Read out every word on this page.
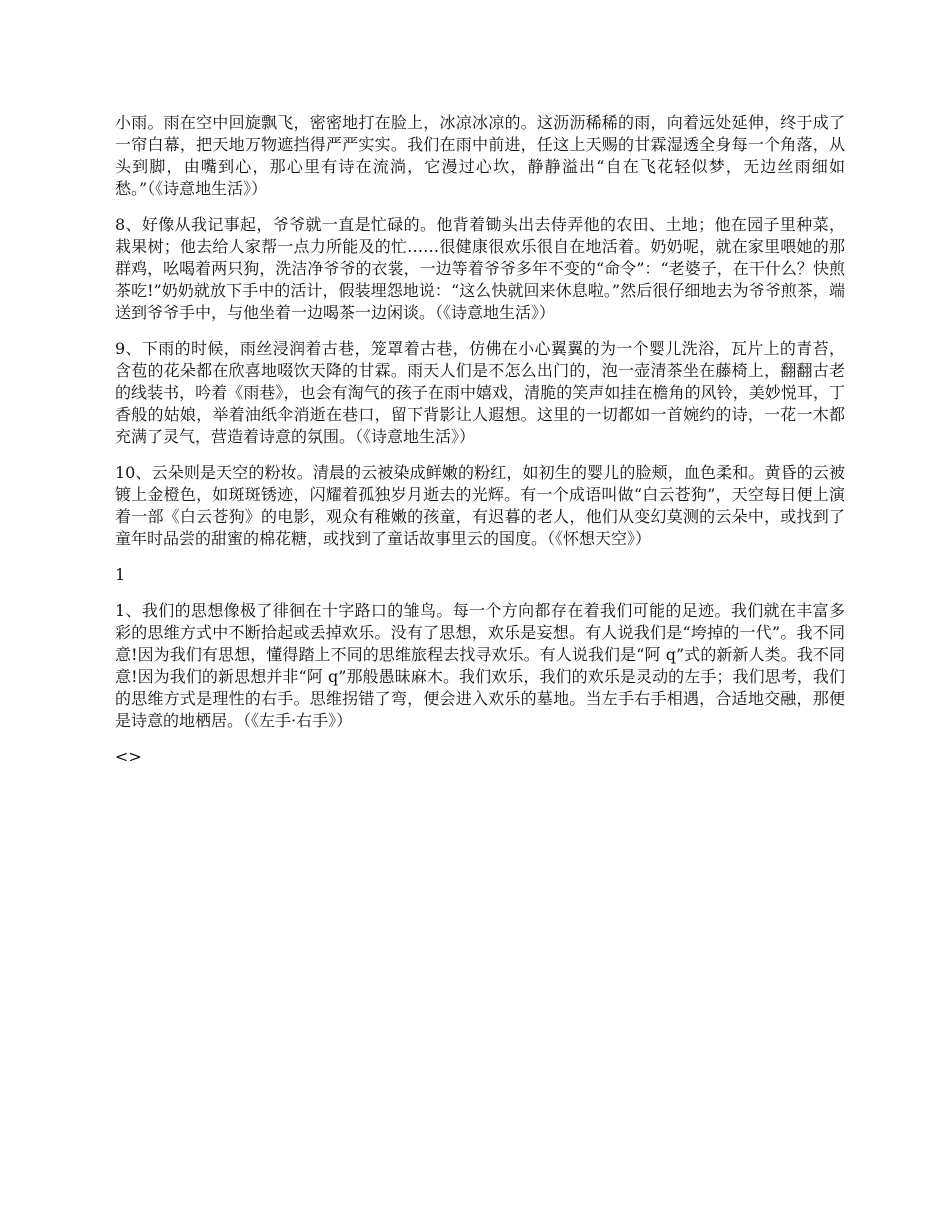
小雨。雨在空中回旋飘飞，密密地打在脸上，冰凉冰凉的。这沥沥稀稀的雨，向着远处延伸，终于成了一帘白幕，把天地万物遮挡得严严实实。我们在雨中前进，任这上天赐的甘霖湿透全身每一个角落，从头到脚，由嘴到心，那心里有诗在流淌，它漫过心坎，静静溢出“自在飞花轻似梦，无边丝雨细如愁。”（《诗意地生活》）

8、好像从我记事起，爷爷就一直是忙碌的。他背着锄头出去侍弄他的农田、土地；他在园子里种菜，栽果树；他去给人家帮一点力所能及的忙……很健康很欢乐很自在地活着。奶奶呢，就在家里喂她的那群鸡，吆喝着两只狗，洗洁净爷爷的衣裳，一边等着爷爷多年不变的“命令”：“老婆子，在干什么？快煎茶吃!”奶奶就放下手中的活计，假装埋怨地说：“这么快就回来休息啦。”然后很仔细地去为爷爷煎茶，端送到爷爷手中，与他坐着一边喝茶一边闲谈。（《诗意地生活》）

9、下雨的时候，雨丝浸润着古巷，笼罩着古巷，仿佛在小心翼翼的为一个婴儿洗浴，瓦片上的青苔，含苞的花朵都在欣喜地啜饮天降的甘霖。雨天人们是不怎么出门的，泡一壶清茶坐在藤椅上，翻翻古老的线装书，吟着《雨巷》，也会有淘气的孩子在雨中嬉戏，清脆的笑声如挂在檐角的风铃，美妙悦耳，丁香般的姑娘，举着油纸伞消逝在巷口，留下背影让人遐想。这里的一切都如一首婉约的诗，一花一木都充满了灵气，营造着诗意的氛围。（《诗意地生活》）

10、云朵则是天空的粉妆。清晨的云被染成鲜嫩的粉红，如初生的婴儿的脸颊，血色柔和。黄昏的云被镀上金橙色，如斑斑锈迹，闪耀着孤独岁月逝去的光辉。有一个成语叫做“白云苍狗”，天空每日便上演着一部《白云苍狗》的电影，观众有稚嫩的孩童，有迟暮的老人，他们从变幻莫测的云朵中，或找到了童年时品尝的甜蜜的棉花糖，或找到了童话故事里云的国度。（《怀想天空》）

1

1、我们的思想像极了徘徊在十字路口的雏鸟。每一个方向都存在着我们可能的足迹。我们就在丰富多彩的思维方式中不断拾起或丢掉欢乐。没有了思想，欢乐是妄想。有人说我们是“垮掉的一代”。我不同意!因为我们有思想，懂得踏上不同的思维旅程去找寻欢乐。有人说我们是“阿 q”式的新新人类。我不同意!因为我们的新思想并非“阿 q”那般愚昧麻木。我们欢乐，我们的欢乐是灵动的左手；我们思考，我们的思维方式是理性的右手。思维拐错了弯，便会进入欢乐的墓地。当左手右手相遇，合适地交融，那便是诗意的地栖居。（《左手·右手》）

<>
